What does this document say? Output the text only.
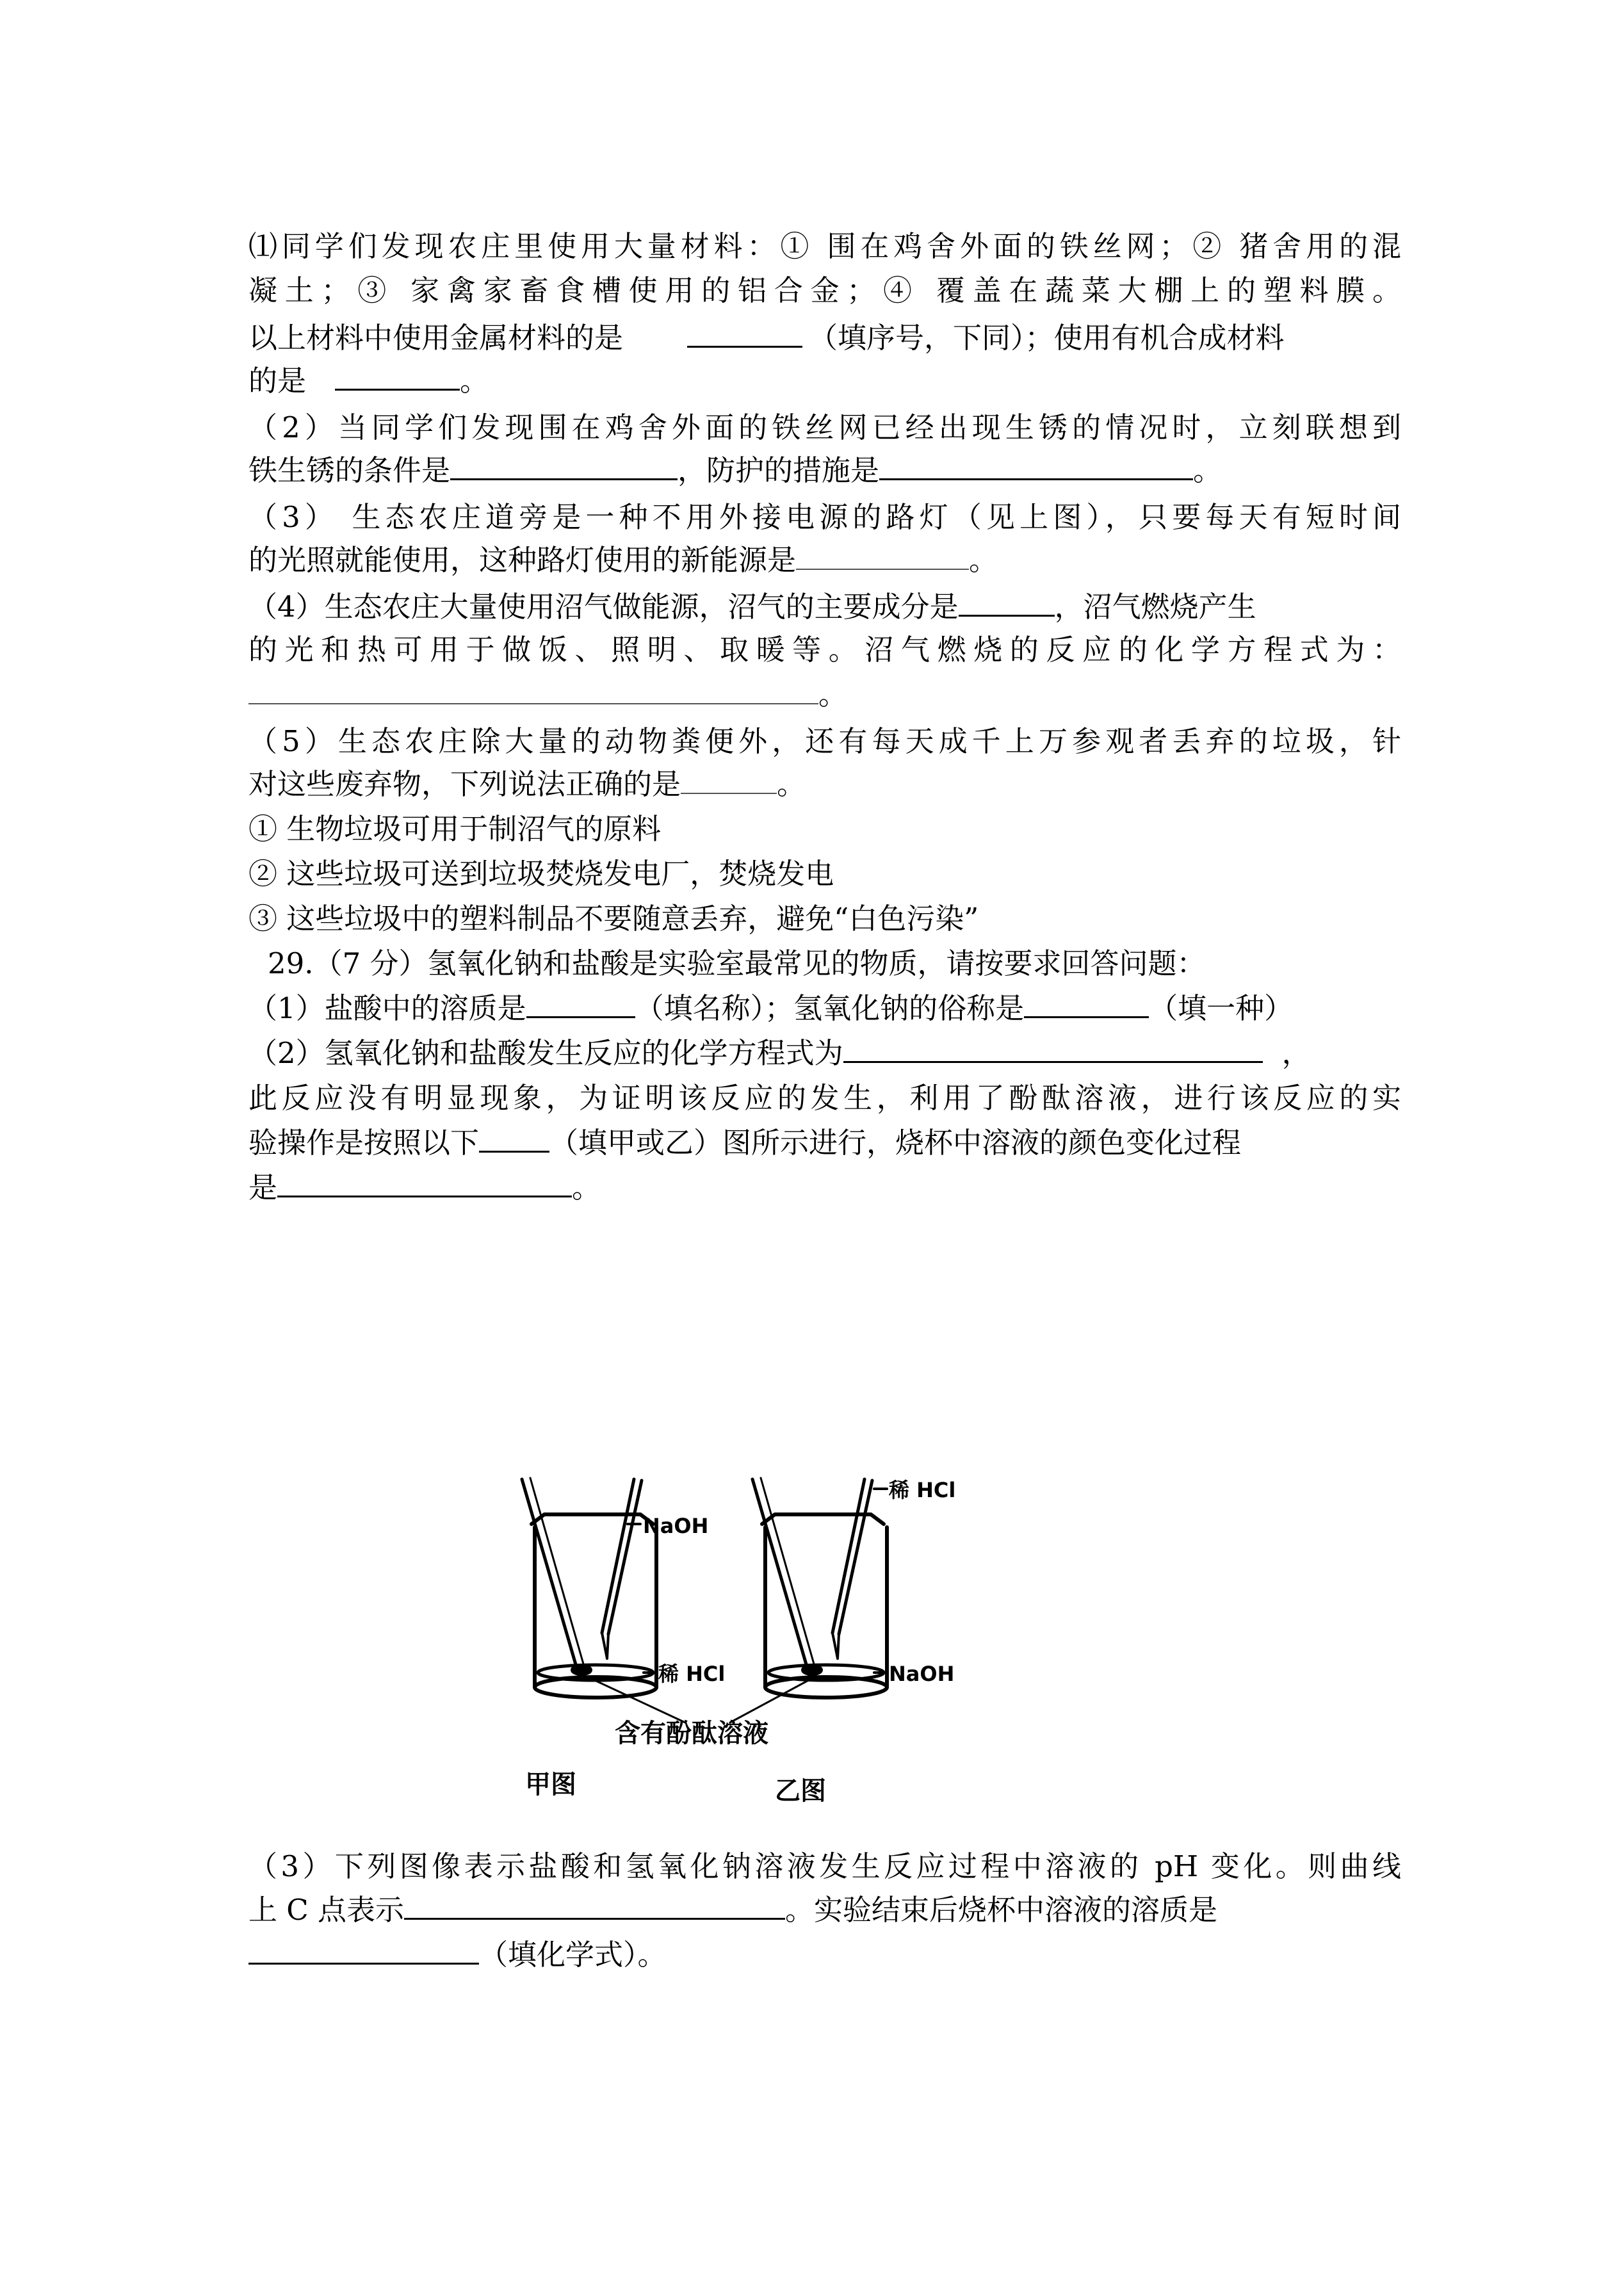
⑴同学们发现农庄里使用大量材料：① 围在鸡舍外面的铁丝网；② 猪舍用的混
凝土；③ 家禽家畜食槽使用的铝合金；④ 覆盖在蔬菜大棚上的塑料膜。
以上材料中使用金属材料的是	（填序号，下同）；使用有机合成材料
的是	。
（2）当同学们发现围在鸡舍外面的铁丝网已经出现生锈的情况时，立刻联想到
铁生锈的条件是	，防护的措施是	。
（3） 生态农庄道旁是一种不用外接电源的路灯（见上图），只要每天有短时间
的光照就能使用，这种路灯使用的新能源是	。
（4）生态农庄大量使用沼气做能源，沼气的主要成分是	，沼气燃烧产生
的光和热可用于做饭、照明、取暖等。沼气燃烧的反应的化学方程式为：
。
（5）生态农庄除大量的动物粪便外，还有每天成千上万参观者丢弃的垃圾，针
对这些废弃物，下列说法正确的是	。
① 生物垃圾可用于制沼气的原料
② 这些垃圾可送到垃圾焚烧发电厂，焚烧发电
③ 这些垃圾中的塑料制品不要随意丢弃，避免“白色污染”
29.（7 分）氢氧化钠和盐酸是实验室最常见的物质，请按要求回答问题：
（1）盐酸中的溶质是	（填名称）；氢氧化钠的俗称是	（填一种）
（2）氢氧化钠和盐酸发生反应的化学方程式为	，
此反应没有明显现象，为证明该反应的发生，利用了酚酞溶液，进行该反应的实
验操作是按照以下 （填甲或乙）图所示进行，烧杯中溶液的颜色变化过程
是	。
（3）下列图像表示盐酸和氢氧化钠溶液发生反应过程中溶液的 pH 变化。则曲线
上 C 点表示	。实验结束后烧杯中溶液的溶质是
（填化学式）。
NaOH
稀 HCl
稀 HCl
NaOH
含有酚酞溶液
甲图	乙图
